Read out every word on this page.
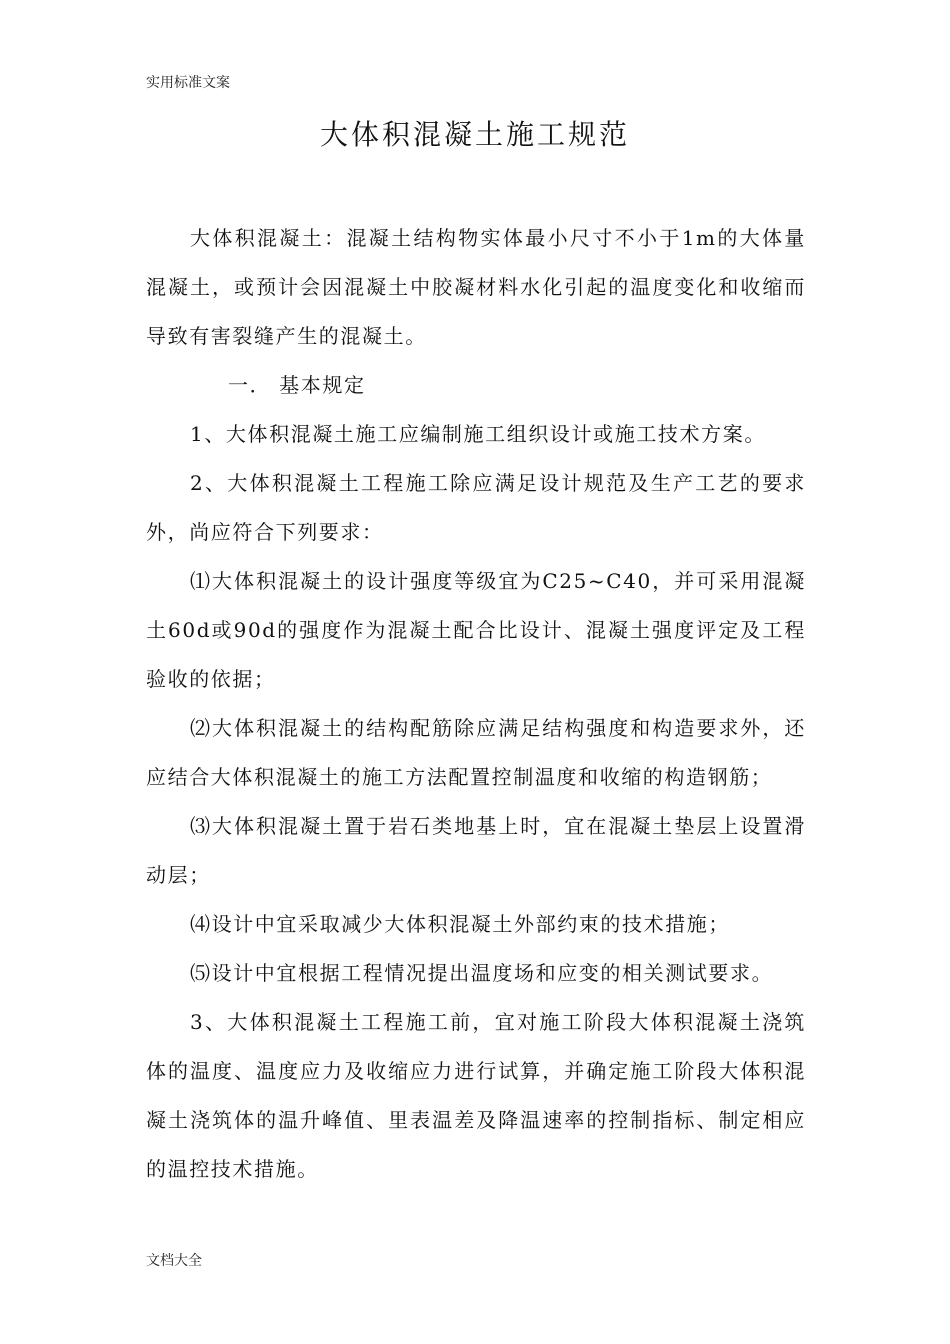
实用标准文案
大体积混凝土施工规范

大体积混凝土：混凝土结构物实体最小尺寸不小于1m的大体量混凝土，或预计会因混凝土中胶凝材料水化引起的温度变化和收缩而导致有害裂缝产生的混凝土。

一． 基本规定

1、大体积混凝土施工应编制施工组织设计或施工技术方案。

2、大体积混凝土工程施工除应满足设计规范及生产工艺的要求外，尚应符合下列要求：

⑴大体积混凝土的设计强度等级宜为C25~C40，并可采用混凝土60d或90d的强度作为混凝土配合比设计、混凝土强度评定及工程验收的依据；

⑵大体积混凝土的结构配筋除应满足结构强度和构造要求外，还应结合大体积混凝土的施工方法配置控制温度和收缩的构造钢筋；

⑶大体积混凝土置于岩石类地基上时，宜在混凝土垫层上设置滑动层；

⑷设计中宜采取减少大体积混凝土外部约束的技术措施；

⑸设计中宜根据工程情况提出温度场和应变的相关测试要求。

3、大体积混凝土工程施工前，宜对施工阶段大体积混凝土浇筑体的温度、温度应力及收缩应力进行试算，并确定施工阶段大体积混凝土浇筑体的温升峰值、里表温差及降温速率的控制指标、制定相应的温控技术措施。

文档大全
